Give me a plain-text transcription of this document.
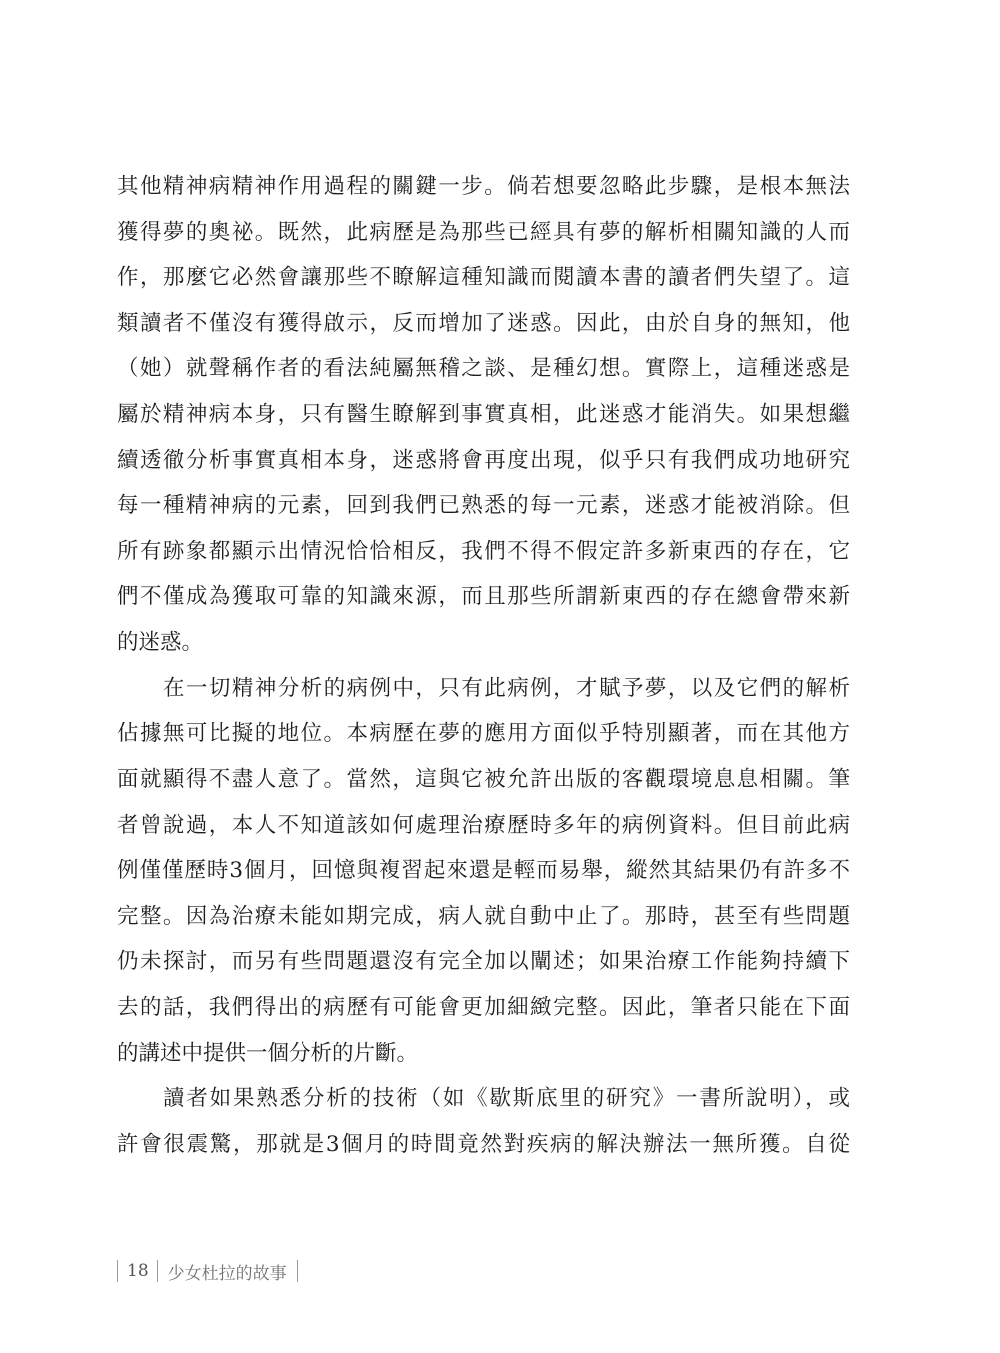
其他精神病精神作用過程的關鍵一步。倘若想要忽略此步驟，是根本無法
獲得夢的奧祕。既然，此病歷是為那些已經具有夢的解析相關知識的人而
作，那麼它必然會讓那些不瞭解這種知識而閱讀本書的讀者們失望了。這
類讀者不僅沒有獲得啟示，反而增加了迷惑。因此，由於自身的無知，他
（她）就聲稱作者的看法純屬無稽之談、是種幻想。實際上，這種迷惑是
屬於精神病本身，只有醫生瞭解到事實真相，此迷惑才能消失。如果想繼
續透徹分析事實真相本身，迷惑將會再度出現，似乎只有我們成功地研究
每一種精神病的元素，回到我們已熟悉的每一元素，迷惑才能被消除。但
所有跡象都顯示出情況恰恰相反，我們不得不假定許多新東西的存在，它
們不僅成為獲取可靠的知識來源，而且那些所謂新東西的存在總會帶來新
的迷惑。
在一切精神分析的病例中，只有此病例，才賦予夢，以及它們的解析
佔據無可比擬的地位。本病歷在夢的應用方面似乎特別顯著，而在其他方
面就顯得不盡人意了。當然，這與它被允許出版的客觀環境息息相關。筆
者曾說過，本人不知道該如何處理治療歷時多年的病例資料。但目前此病
例僅僅歷時3個月，回憶與複習起來還是輕而易舉，縱然其結果仍有許多不
完整。因為治療未能如期完成，病人就自動中止了。那時，甚至有些問題
仍未探討，而另有些問題還沒有完全加以闡述；如果治療工作能夠持續下
去的話，我們得出的病歷有可能會更加細緻完整。因此，筆者只能在下面
的講述中提供一個分析的片斷。
讀者如果熟悉分析的技術（如《歇斯底里的研究》一書所說明），或
許會很震驚，那就是3個月的時間竟然對疾病的解決辦法一無所獲。自從
18	少女杜拉的故事
